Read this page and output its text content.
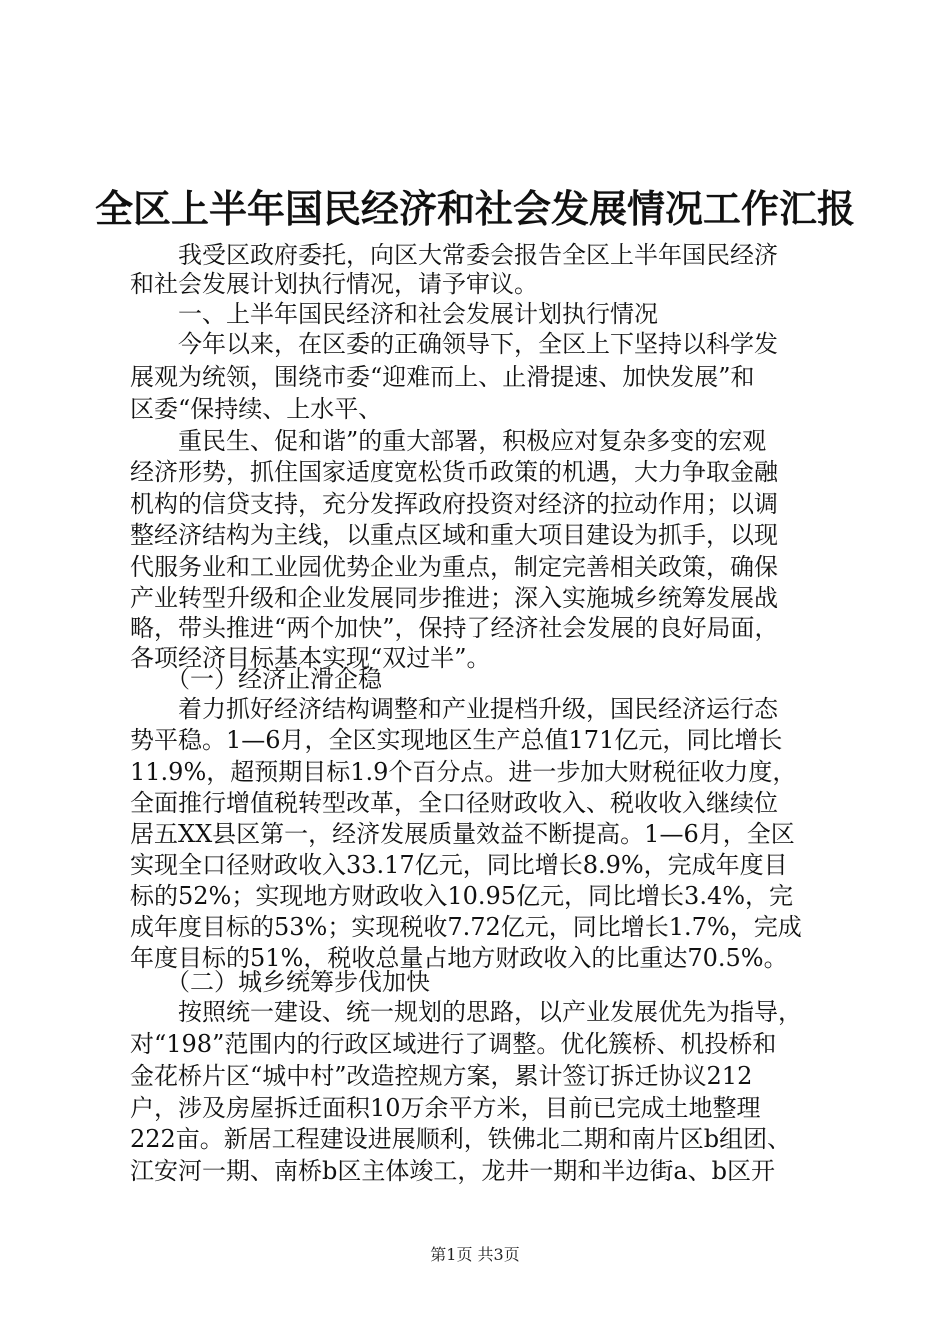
全区上半年国民经济和社会发展情况工作汇报
　　我受区政府委托，向区大常委会报告全区上半年国民经济
和社会发展计划执行情况，请予审议。
　　一、上半年国民经济和社会发展计划执行情况
　　今年以来，在区委的正确领导下，全区上下坚持以科学发
展观为统领，围绕市委“迎难而上、止滑提速、加快发展”和
区委“保持续、上水平、
　　重民生、促和谐”的重大部署，积极应对复杂多变的宏观
经济形势，抓住国家适度宽松货币政策的机遇，大力争取金融
机构的信贷支持，充分发挥政府投资对经济的拉动作用；以调
整经济结构为主线，以重点区域和重大项目建设为抓手，以现
代服务业和工业园优势企业为重点，制定完善相关政策，确保
产业转型升级和企业发展同步推进；深入实施城乡统筹发展战
略，带头推进“两个加快”，保持了经济社会发展的良好局面，
各项经济目标基本实现“双过半”。
　　（一）经济止滑企稳
　　着力抓好经济结构调整和产业提档升级，国民经济运行态
势平稳。1—6月，全区实现地区生产总值171亿元，同比增长
11.9%，超预期目标1.9个百分点。进一步加大财税征收力度，
全面推行增值税转型改革，全口径财政收入、税收收入继续位
居五XX县区第一，经济发展质量效益不断提高。1—6月，全区
实现全口径财政收入33.17亿元，同比增长8.9%，完成年度目
标的52%；实现地方财政收入10.95亿元，同比增长3.4%，完
成年度目标的53%；实现税收7.72亿元，同比增长1.7%，完成
年度目标的51%，税收总量占地方财政收入的比重达70.5%。
　　（二）城乡统筹步伐加快
　　按照统一建设、统一规划的思路，以产业发展优先为指导，
对“198”范围内的行政区域进行了调整。优化簇桥、机投桥和
金花桥片区“城中村”改造控规方案，累计签订拆迁协议212
户，涉及房屋拆迁面积10万余平方米，目前已完成土地整理
222亩。新居工程建设进展顺利，铁佛北二期和南片区b组团、
江安河一期、南桥b区主体竣工，龙井一期和半边街a、b区开
第1页 共3页
